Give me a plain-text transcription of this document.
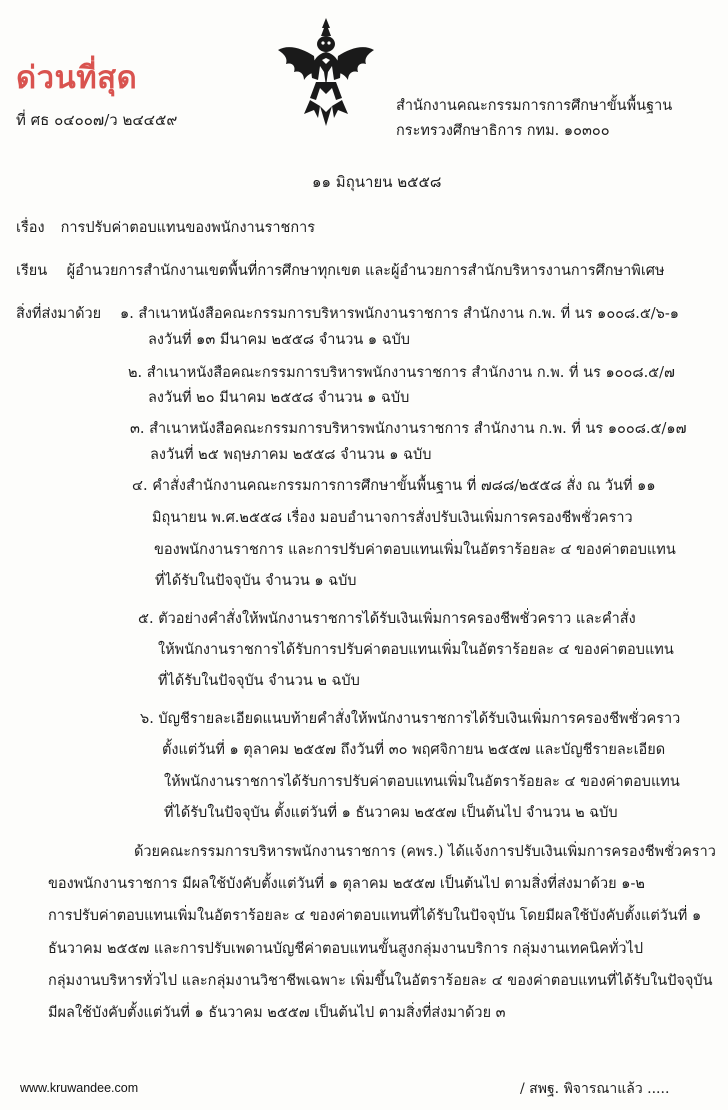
ด่วนที่สุด
ที่ ศธ ๐๔๐๐๗/ว ๒๔๔๕๙
สำนักงานคณะกรรมการการศึกษาขั้นพื้นฐาน
กระทรวงศึกษาธิการ กทม. ๑๐๓๐๐
๑๑ มิถุนายน ๒๕๕๘
เรื่อง การปรับค่าตอบแทนของพนักงานราชการ
เรียน ผู้อำนวยการสำนักงานเขตพื้นที่การศึกษาทุกเขต และผู้อำนวยการสำนักบริหารงานการศึกษาพิเศษ
สิ่งที่ส่งมาด้วย ๑. สำเนาหนังสือคณะกรรมการบริหารพนักงานราชการ สำนักงาน ก.พ. ที่ นร ๑๐๐๘.๕/๖-๑
ลงวันที่ ๑๓ มีนาคม ๒๕๕๘ จำนวน ๑ ฉบับ
๒. สำเนาหนังสือคณะกรรมการบริหารพนักงานราชการ สำนักงาน ก.พ. ที่ นร ๑๐๐๘.๕/๗
ลงวันที่ ๒๐ มีนาคม ๒๕๕๘ จำนวน ๑ ฉบับ
๓. สำเนาหนังสือคณะกรรมการบริหารพนักงานราชการ สำนักงาน ก.พ. ที่ นร ๑๐๐๘.๕/๑๗
ลงวันที่ ๒๕ พฤษภาคม ๒๕๕๘ จำนวน ๑ ฉบับ
๔. คำสั่งสำนักงานคณะกรรมการการศึกษาขั้นพื้นฐาน ที่ ๗๘๘/๒๕๕๘ สั่ง ณ วันที่ ๑๑
มิถุนายน พ.ศ.๒๕๕๘ เรื่อง มอบอำนาจการสั่งปรับเงินเพิ่มการครองชีพชั่วคราว
ของพนักงานราชการ และการปรับค่าตอบแทนเพิ่มในอัตราร้อยละ ๔ ของค่าตอบแทน
ที่ได้รับในปัจจุบัน จำนวน ๑ ฉบับ
๕. ตัวอย่างคำสั่งให้พนักงานราชการได้รับเงินเพิ่มการครองชีพชั่วคราว และคำสั่ง
ให้พนักงานราชการได้รับการปรับค่าตอบแทนเพิ่มในอัตราร้อยละ ๔ ของค่าตอบแทน
ที่ได้รับในปัจจุบัน จำนวน ๒ ฉบับ
๖. บัญชีรายละเอียดแนบท้ายคำสั่งให้พนักงานราชการได้รับเงินเพิ่มการครองชีพชั่วคราว
ตั้งแต่วันที่ ๑ ตุลาคม ๒๕๕๗ ถึงวันที่ ๓๐ พฤศจิกายน ๒๕๕๗ และบัญชีรายละเอียด
ให้พนักงานราชการได้รับการปรับค่าตอบแทนเพิ่มในอัตราร้อยละ ๔ ของค่าตอบแทน
ที่ได้รับในปัจจุบัน ตั้งแต่วันที่ ๑ ธันวาคม ๒๕๕๗ เป็นต้นไป จำนวน ๒ ฉบับ
ด้วยคณะกรรมการบริหารพนักงานราชการ (คพร.) ได้แจ้งการปรับเงินเพิ่มการครองชีพชั่วคราว
ของพนักงานราชการ มีผลใช้บังคับตั้งแต่วันที่ ๑ ตุลาคม ๒๕๕๗ เป็นต้นไป ตามสิ่งที่ส่งมาด้วย ๑-๒
การปรับค่าตอบแทนเพิ่มในอัตราร้อยละ ๔ ของค่าตอบแทนที่ได้รับในปัจจุบัน โดยมีผลใช้บังคับตั้งแต่วันที่ ๑
ธันวาคม ๒๕๕๗ และการปรับเพดานบัญชีค่าตอบแทนขั้นสูงกลุ่มงานบริการ กลุ่มงานเทคนิคทั่วไป
กลุ่มงานบริหารทั่วไป และกลุ่มงานวิชาชีพเฉพาะ เพิ่มขึ้นในอัตราร้อยละ ๔ ของค่าตอบแทนที่ได้รับในปัจจุบัน
มีผลใช้บังคับตั้งแต่วันที่ ๑ ธันวาคม ๒๕๕๗ เป็นต้นไป ตามสิ่งที่ส่งมาด้วย ๓
/ สพฐ. พิจารณาแล้ว .....
www.kruwandee.com
